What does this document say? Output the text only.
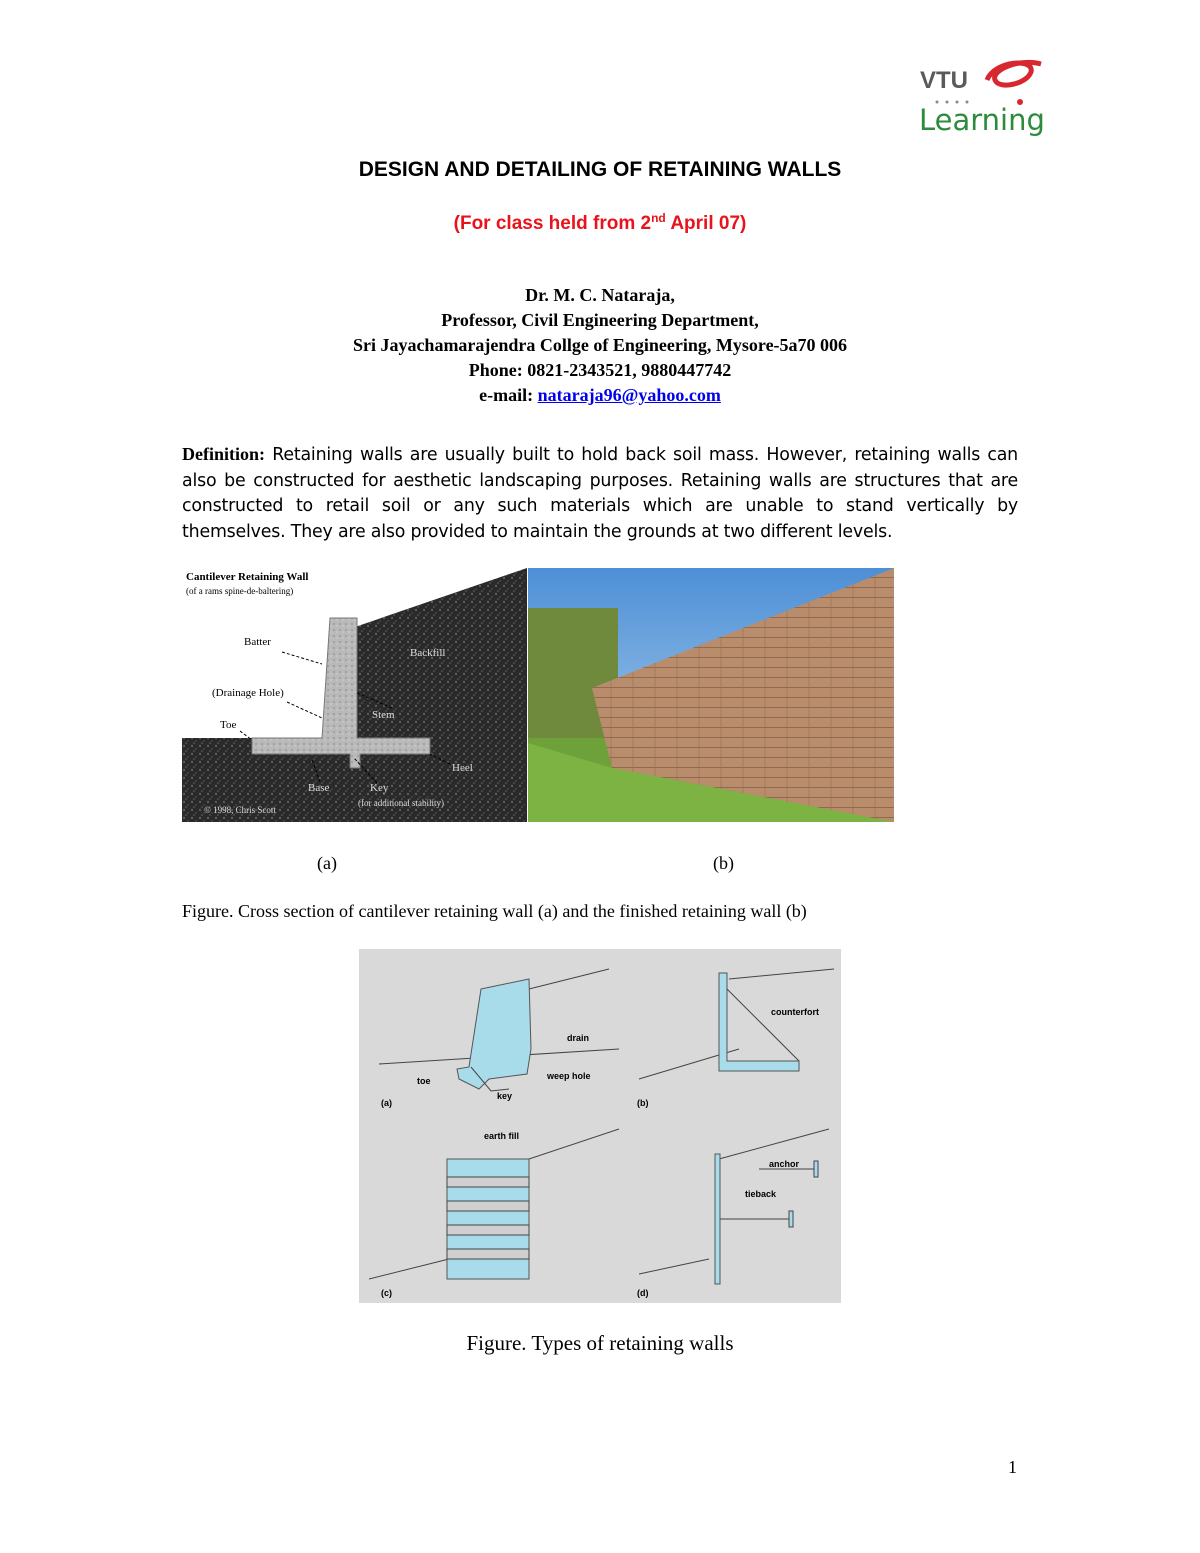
VTU
Learning
DESIGN AND DETAILING OF RETAINING WALLS
(For class held from 2nd April 07)
Dr. M. C. Nataraja,
Professor, Civil Engineering Department,
Sri Jayachamarajendra Collge of Engineering, Mysore-5a70 006
Phone: 0821-2343521, 9880447742
e-mail: nataraja96@yahoo.com
Definition: Retaining walls are usually built to hold back soil mass. However, retaining walls can also be constructed for aesthetic landscaping purposes. Retaining walls are structures that are constructed to retail soil or any such materials which are unable to stand vertically by themselves. They are also provided to maintain the grounds at two different levels.
Cantilever Retaining Wall
(of a rams spine-de-baltering)
Batter
Backfill
(Drainage Hole)
Toe
Stem
Heel
Base	Key
(for additional stability)
© 1998, Chris Scott
(a)	(b)
Figure. Cross section of cantilever retaining wall (a) and the finished retaining wall (b)
drain
weep hole
toe
key
counterfort
earth fill
anchor
tieback
(a)	(b)
(c)	(d)
Figure. Types of retaining walls
1
